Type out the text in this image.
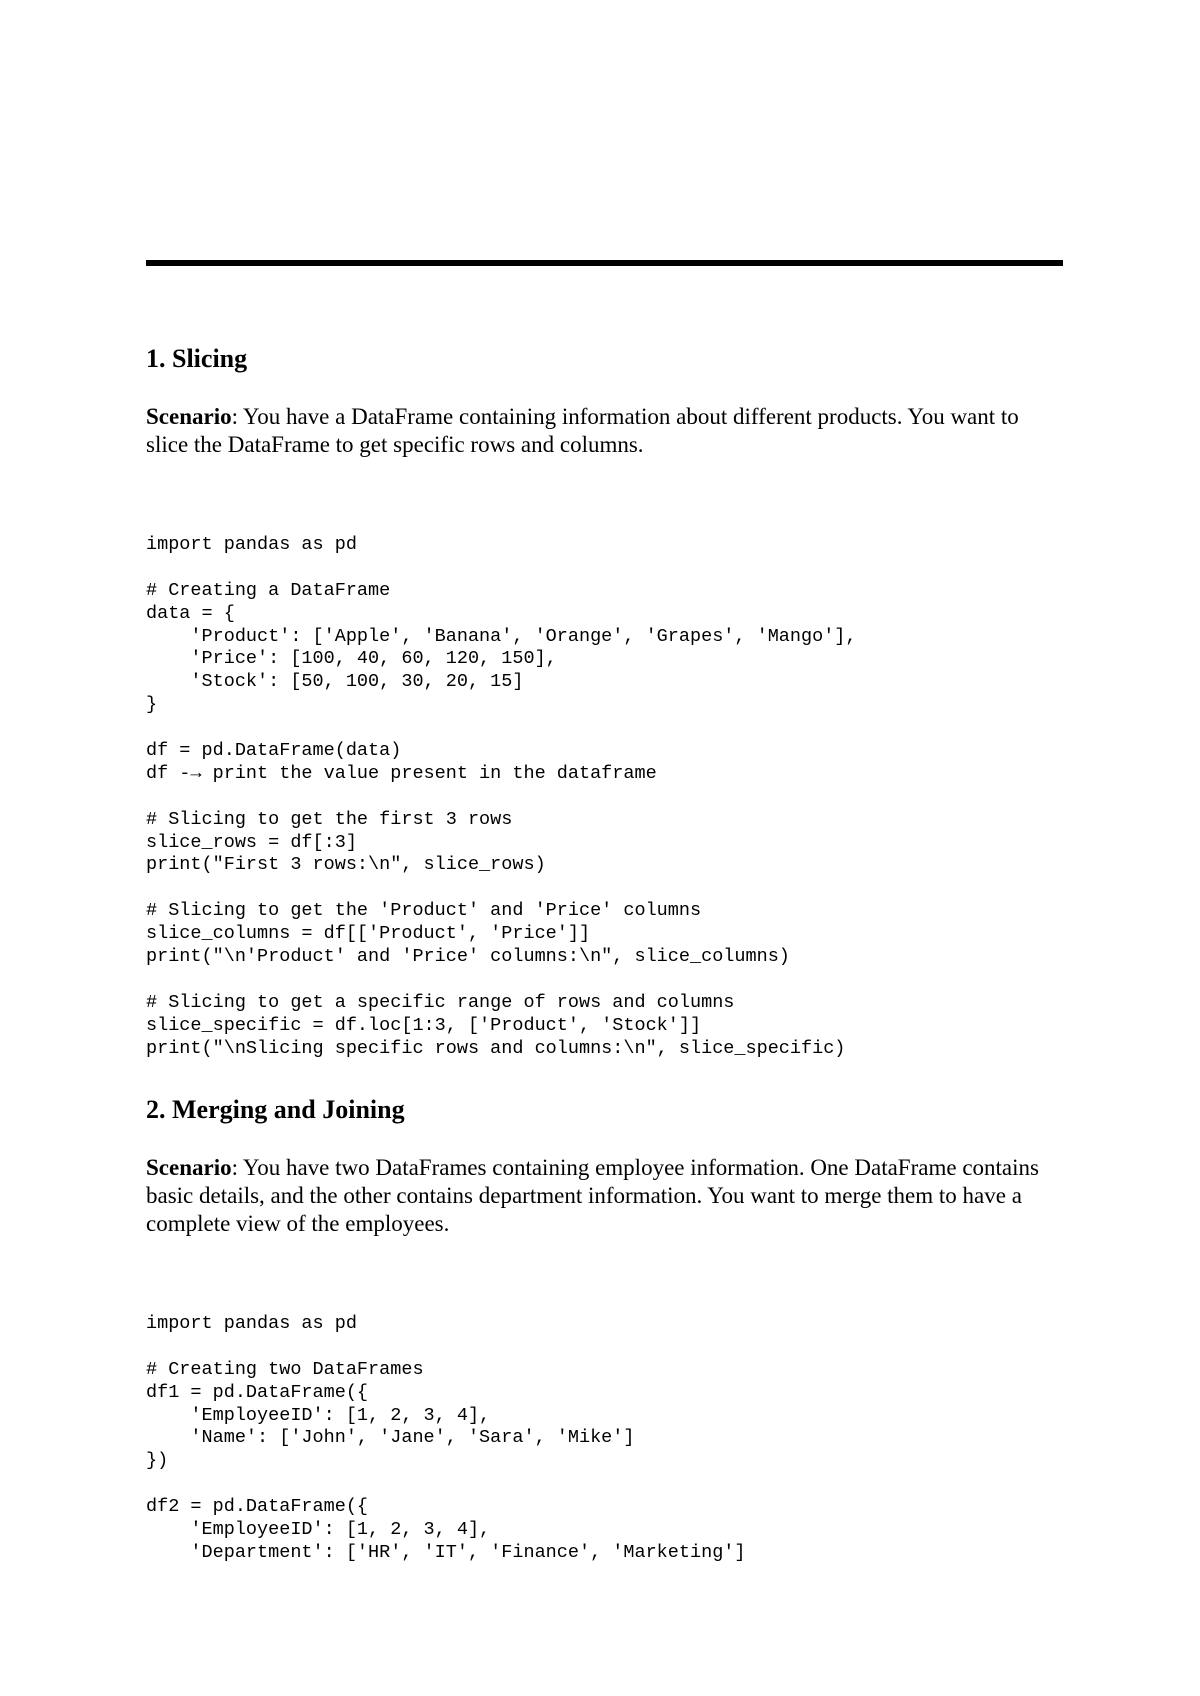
1. Slicing

Scenario: You have a DataFrame containing information about different products. You want to slice the DataFrame to get specific rows and columns.

import pandas as pd
# Creating a DataFrame
data = {
'Product': ['Apple', 'Banana', 'Orange', 'Grapes', 'Mango'],
'Price': [100, 40, 60, 120, 150],
'Stock': [50, 100, 30, 20, 15]
}
df = pd.DataFrame(data)
df -→ print the value present in the dataframe
# Slicing to get the first 3 rows
slice_rows = df[:3]
print("First 3 rows:\n", slice_rows)
# Slicing to get the 'Product' and 'Price' columns
slice_columns = df[['Product', 'Price']]
print("\n'Product' and 'Price' columns:\n", slice_columns)
# Slicing to get a specific range of rows and columns
slice_specific = df.loc[1:3, ['Product', 'Stock']]
print("\nSlicing specific rows and columns:\n", slice_specific)
2. Merging and Joining

Scenario: You have two DataFrames containing employee information. One DataFrame contains basic details, and the other contains department information. You want to merge them to have a complete view of the employees.

import pandas as pd
# Creating two DataFrames
df1 = pd.DataFrame({
'EmployeeID': [1, 2, 3, 4],
'Name': ['John', 'Jane', 'Sara', 'Mike']
})
df2 = pd.DataFrame({
'EmployeeID': [1, 2, 3, 4],
'Department': ['HR', 'IT', 'Finance', 'Marketing']
